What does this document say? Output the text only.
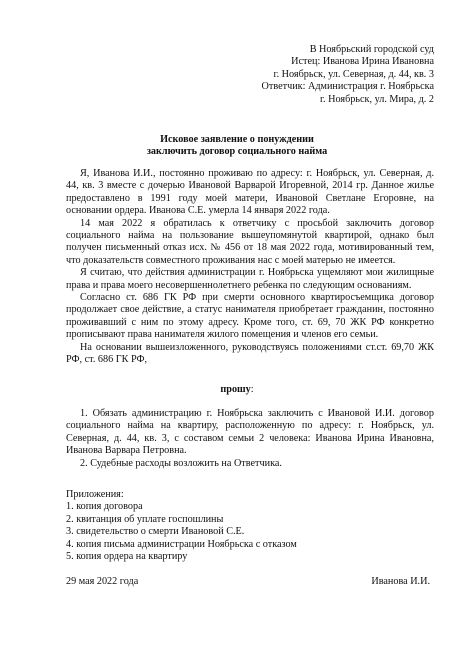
В Ноябрьский городской суд
Истец: Иванова Ирина Ивановна
г. Ноябрьск, ул. Северная, д. 44, кв. 3
Ответчик: Администрация г. Ноябрьска
г. Ноябрьск, ул. Мира, д. 2
Исковое заявление о понуждении
заключить договор социального найма

Я, Иванова И.И., постоянно проживаю по адресу: г. Ноябрьск, ул. Северная, д. 44, кв. 3 вместе с дочерью Ивановой Варварой Игоревной, 2014 гр. Данное жилье предоставлено в 1991 году моей матери, Ивановой Светлане Егоровне, на основании ордера. Иванова С.Е. умерла 14 января 2022 года.

14 мая 2022 я обратилась к ответчику с просьбой заключить договор социального найма на пользование вышеупомянутой квартирой, однако был получен письменный отказ исх. № 456 от 18 мая 2022 года, мотивированный тем, что доказательств совместного проживания нас с моей матерью не имеется.

Я считаю, что действия администрации г. Ноябрьска ущемляют мои жилищные права и права моего несовершеннолетнего ребенка по следующим основаниям.

Согласно ст. 686 ГК РФ при смерти основного квартиросъемщика договор продолжает свое действие, а статус нанимателя приобретает гражданин, постоянно проживавший с ним по этому адресу. Кроме того, ст. 69, 70 ЖК РФ конкретно прописывают права нанимателя жилого помещения и членов его семьи.

На основании вышеизложенного, руководствуясь положениями ст.ст. 69,70 ЖК РФ, ст. 686 ГК РФ,

прошу:

1. Обязать администрацию г. Ноябрьска заключить с Ивановой И.И. договор социального найма на квартиру, расположенную по адресу: г. Ноябрьск, ул. Северная, д. 44, кв. 3, с составом семьи 2 человека: Иванова Ирина Ивановна, Иванова Варвара Петровна.

2. Судебные расходы возложить на Ответчика.

Приложения:
1. копия договора
2. квитанция об уплате госпошлины
3. свидетельство о смерти Ивановой С.Е.
4. копия письма администрации Ноябрьска с отказом
5. копия ордера на квартиру
29 мая 2022 года	Иванова И.И.
